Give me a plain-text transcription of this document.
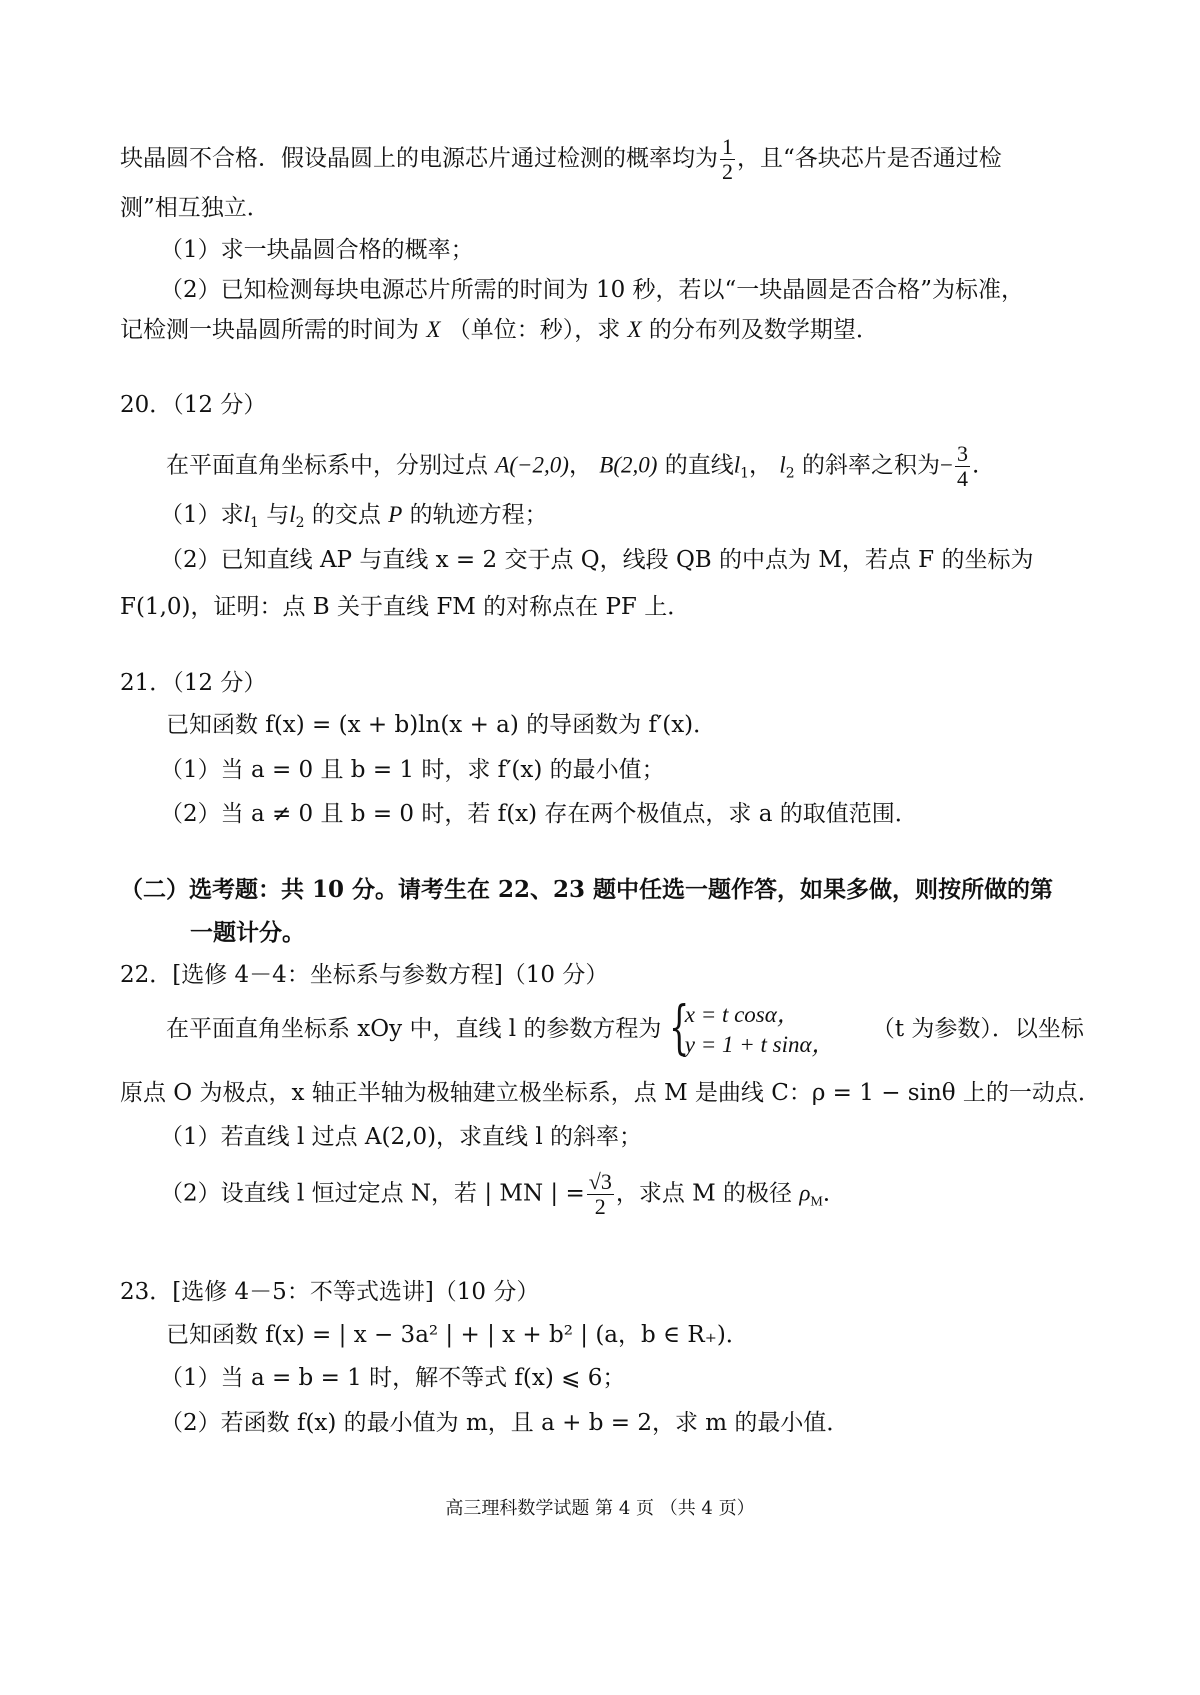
块晶圆不合格．假设晶圆上的电源芯片通过检测的概率均为 $\frac{1}{2}$ ，且“各块芯片是否通过检
测”相互独立．
（1）求一块晶圆合格的概率；
（2）已知检测每块电源芯片所需的时间为 10 秒，若以“一块晶圆是否合格”为标准，
记检测一块晶圆所需的时间为 X （单位：秒），求 X 的分布列及数学期望．
20．（12 分）
在平面直角坐标系中，分别过点 A(−2,0)， B(2,0) 的直线$l_1$， $l_2$ 的斜率之积为− $\frac{3}{4}$ .
（1）求$l_1$ 与$l_2$ 的交点 P 的轨迹方程；
（2）已知直线 AP 与直线 x = 2 交于点 Q，线段 QB 的中点为 M，若点 F 的坐标为
F(1,0)，证明：点 B 关于直线 FM 的对称点在 PF 上．
21．（12 分）
已知函数 f(x) = (x + b)ln(x + a) 的导函数为 f′(x)．
（1）当 a = 0 且 b = 1 时，求 f′(x) 的最小值；
（2）当 a ≠ 0 且 b = 0 时，若 f(x) 存在两个极值点，求 a 的取值范围．
（二）选考题：共 10 分。请考生在 22、23 题中任选一题作答，如果多做，则按所做的第
一题计分。
22．[选修 4－4：坐标系与参数方程]（10 分）
在平面直角坐标系 xOy 中，直线 l 的参数方程为 {
x = t cosα，
y = 1 + t sinα，
（t 为参数）．以坐标
原点 O 为极点，x 轴正半轴为极轴建立极坐标系，点 M 是曲线 C：ρ = 1 − sinθ 上的一动点．
（1）若直线 l 过点 A(2,0)，求直线 l 的斜率；
（2）设直线 l 恒过定点 N，若 | MN | = $\frac{√3}{2}$ ，求点 M 的极径 $\rho_M$．
23．[选修 4－5：不等式选讲]（10 分）
已知函数 f(x) = | x − 3a² | + | x + b² | (a，b ∈ R₊)．
（1）当 a = b = 1 时，解不等式 f(x) ⩽ 6；
（2）若函数 f(x) 的最小值为 m，且 a + b = 2，求 m 的最小值．
高三理科数学试题 第 4 页 （共 4 页）
